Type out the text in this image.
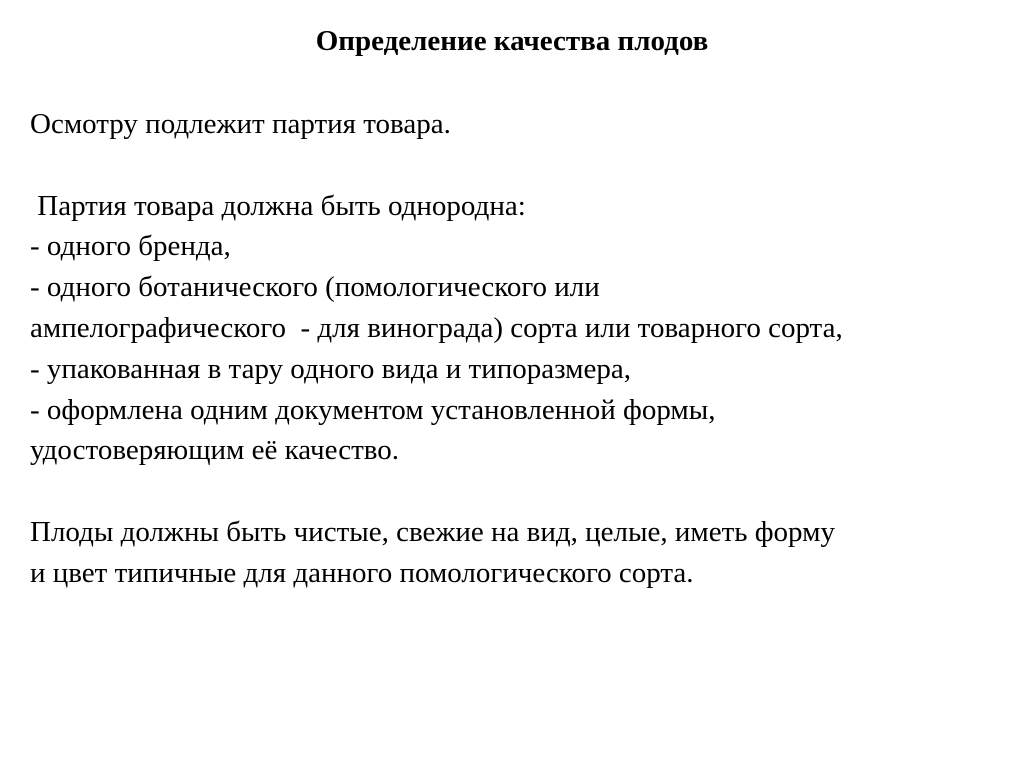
Определение качества плодов
Осмотру подлежит партия товара.
Партия товара должна быть однородна:
- одного бренда,
- одного ботанического (помологического или
ампелографического  - для винограда) сорта или товарного сорта,
- упакованная в тару одного вида и типоразмера,
- оформлена одним документом установленной формы,
удостоверяющим её качество.
Плоды должны быть чистые, свежие на вид, целые, иметь форму
и цвет типичные для данного помологического сорта.
